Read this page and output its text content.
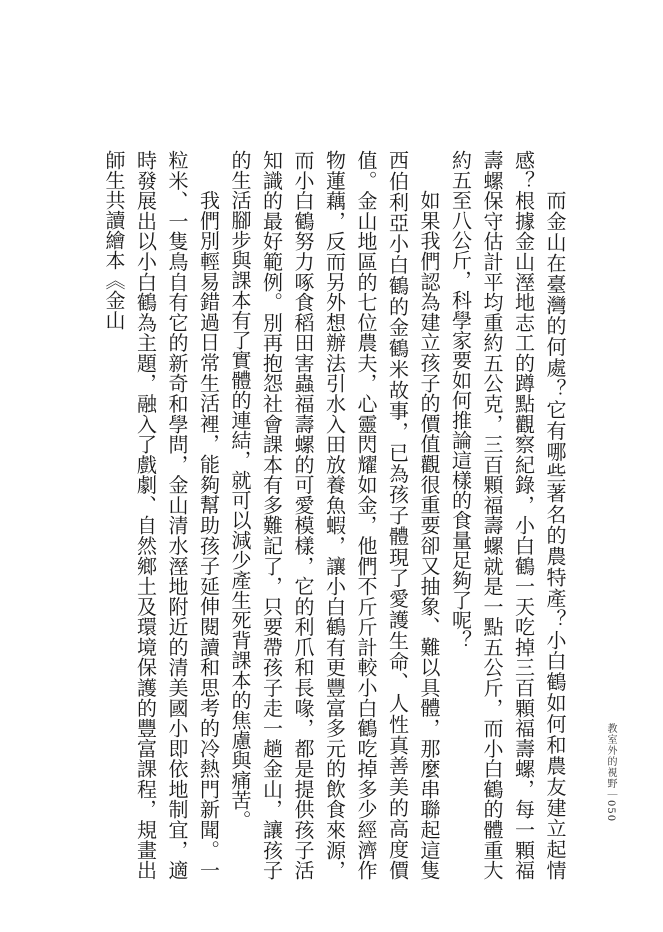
教室外的視野｜050

而金山在臺灣的何處？它有哪些著名的農特產？小白鶴如何和農友建立起情感？根據金山溼地志工的蹲點觀察紀錄，小白鶴一天吃掉三百顆福壽螺，每一顆福壽螺保守估計平均重約五公克，三百顆福壽螺就是一點五公斤，而小白鶴的體重大約五至八公斤，科學家要如何推論這樣的食量足夠了呢？

如果我們認為建立孩子的價值觀很重要卻又抽象、難以具體，那麼串聯起這隻西伯利亞小白鶴的金鶴米故事，已為孩子體現了愛護生命、人性真善美的高度價值。金山地區的七位農夫，心靈閃耀如金，他們不斤斤計較小白鶴吃掉多少經濟作物蓮藕，反而另外想辦法引水入田放養魚蝦，讓小白鶴有更豐富多元的飲食來源，而小白鶴努力啄食稻田害蟲福壽螺的可愛模樣，它的利爪和長喙，都是提供孩子活知識的最好範例。別再抱怨社會課本有多難記了，只要帶孩子走一趟金山，讓孩子的生活腳步與課本有了實體的連結，就可以減少產生死背課本的焦慮與痛苦。

我們別輕易錯過日常生活裡，能夠幫助孩子延伸閱讀和思考的冷熱門新聞。一粒米、一隻鳥自有它的新奇和學問，金山清水溼地附近的清美國小即依地制宜，適時發展出以小白鶴為主題，融入了戲劇、自然鄉土及環境保護的豐富課程，規畫出師生共讀繪本《金山
